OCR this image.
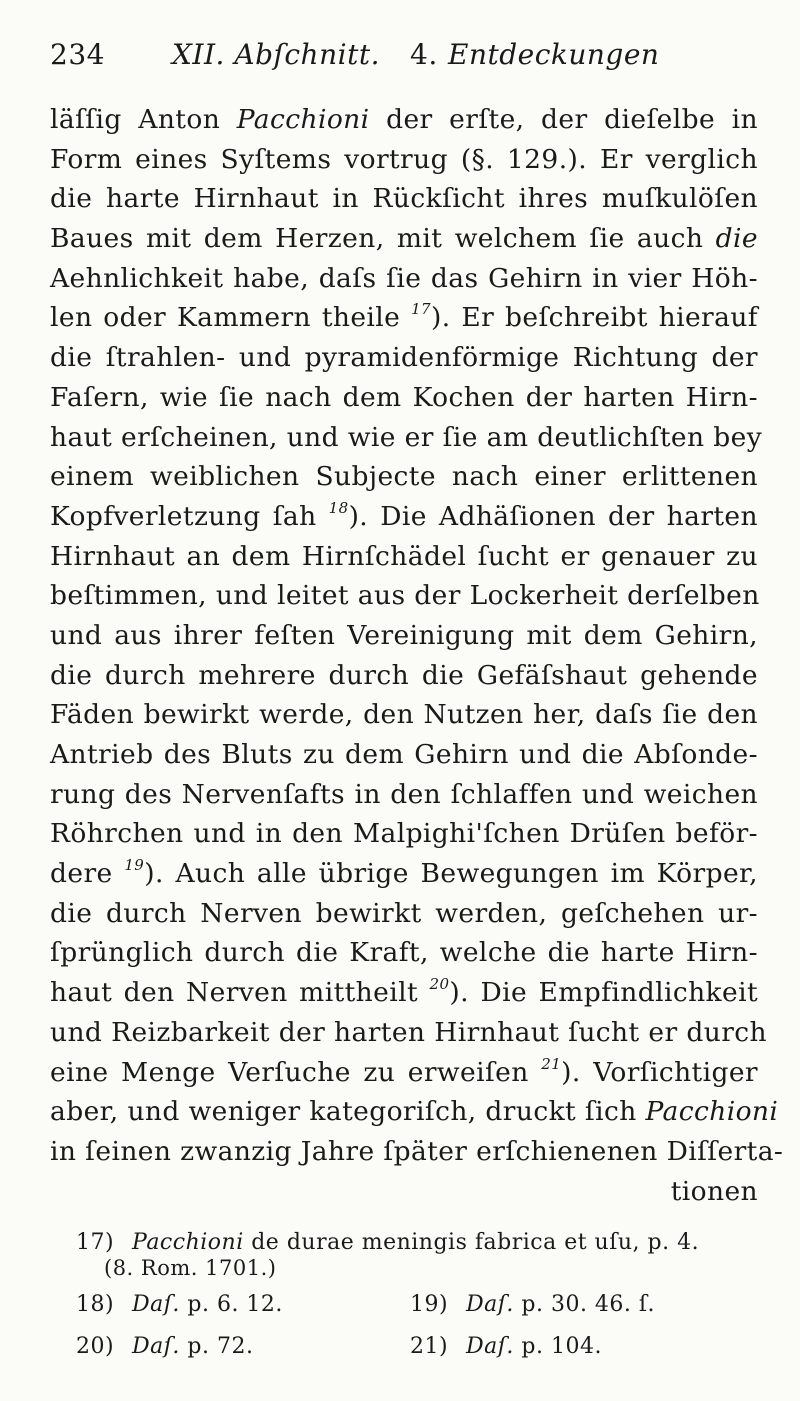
234 XII. Abſchnitt. 4. Entdeckungen
läſſig Anton Pacchioni der erſte, der dieſelbe in
Form eines Syſtems vortrug (§. 129.). Er verglich
die harte Hirnhaut in Rückſicht ihres muſkulöſen
Baues mit dem Herzen, mit welchem ſie auch die
Aehnlichkeit habe, daſs ſie das Gehirn in vier Höh-
len oder Kammern theile $^{17}$). Er beſchreibt hierauf
die ſtrahlen- und pyramidenförmige Richtung der
Faſern, wie ſie nach dem Kochen der harten Hirn-
haut erſcheinen, und wie er ſie am deutlichſten bey
einem weiblichen Subjecte nach einer erlittenen
Kopfverletzung ſah $^{18}$). Die Adhäſionen der harten
Hirnhaut an dem Hirnſchädel ſucht er genauer zu
beſtimmen, und leitet aus der Lockerheit derſelben
und aus ihrer feſten Vereinigung mit dem Gehirn,
die durch mehrere durch die Gefäſshaut gehende
Fäden bewirkt werde, den Nutzen her, daſs ſie den
Antrieb des Bluts zu dem Gehirn und die Abſonde-
rung des Nervenſafts in den ſchlaffen und weichen
Röhrchen und in den Malpighi'ſchen Drüſen beför-
dere $^{19}$). Auch alle übrige Bewegungen im Körper,
die durch Nerven bewirkt werden, geſchehen ur-
ſprünglich durch die Kraft, welche die harte Hirn-
haut den Nerven mittheilt $^{20}$). Die Empfindlichkeit
und Reizbarkeit der harten Hirnhaut ſucht er durch
eine Menge Verſuche zu erweiſen $^{21}$). Vorſichtiger
aber, und weniger kategoriſch, druckt ſich Pacchioni
in ſeinen zwanzig Jahre ſpäter erſchienenen Diſſerta-
tionen
17) Pacchioni de durae meningis fabrica et uſu, p. 4.
(8. Rom. 1701.)
18) Daſ. p. 6. 12.	19) Daſ. p. 30. 46. ſ.
20) Daſ. p. 72.	21) Daſ. p. 104.
